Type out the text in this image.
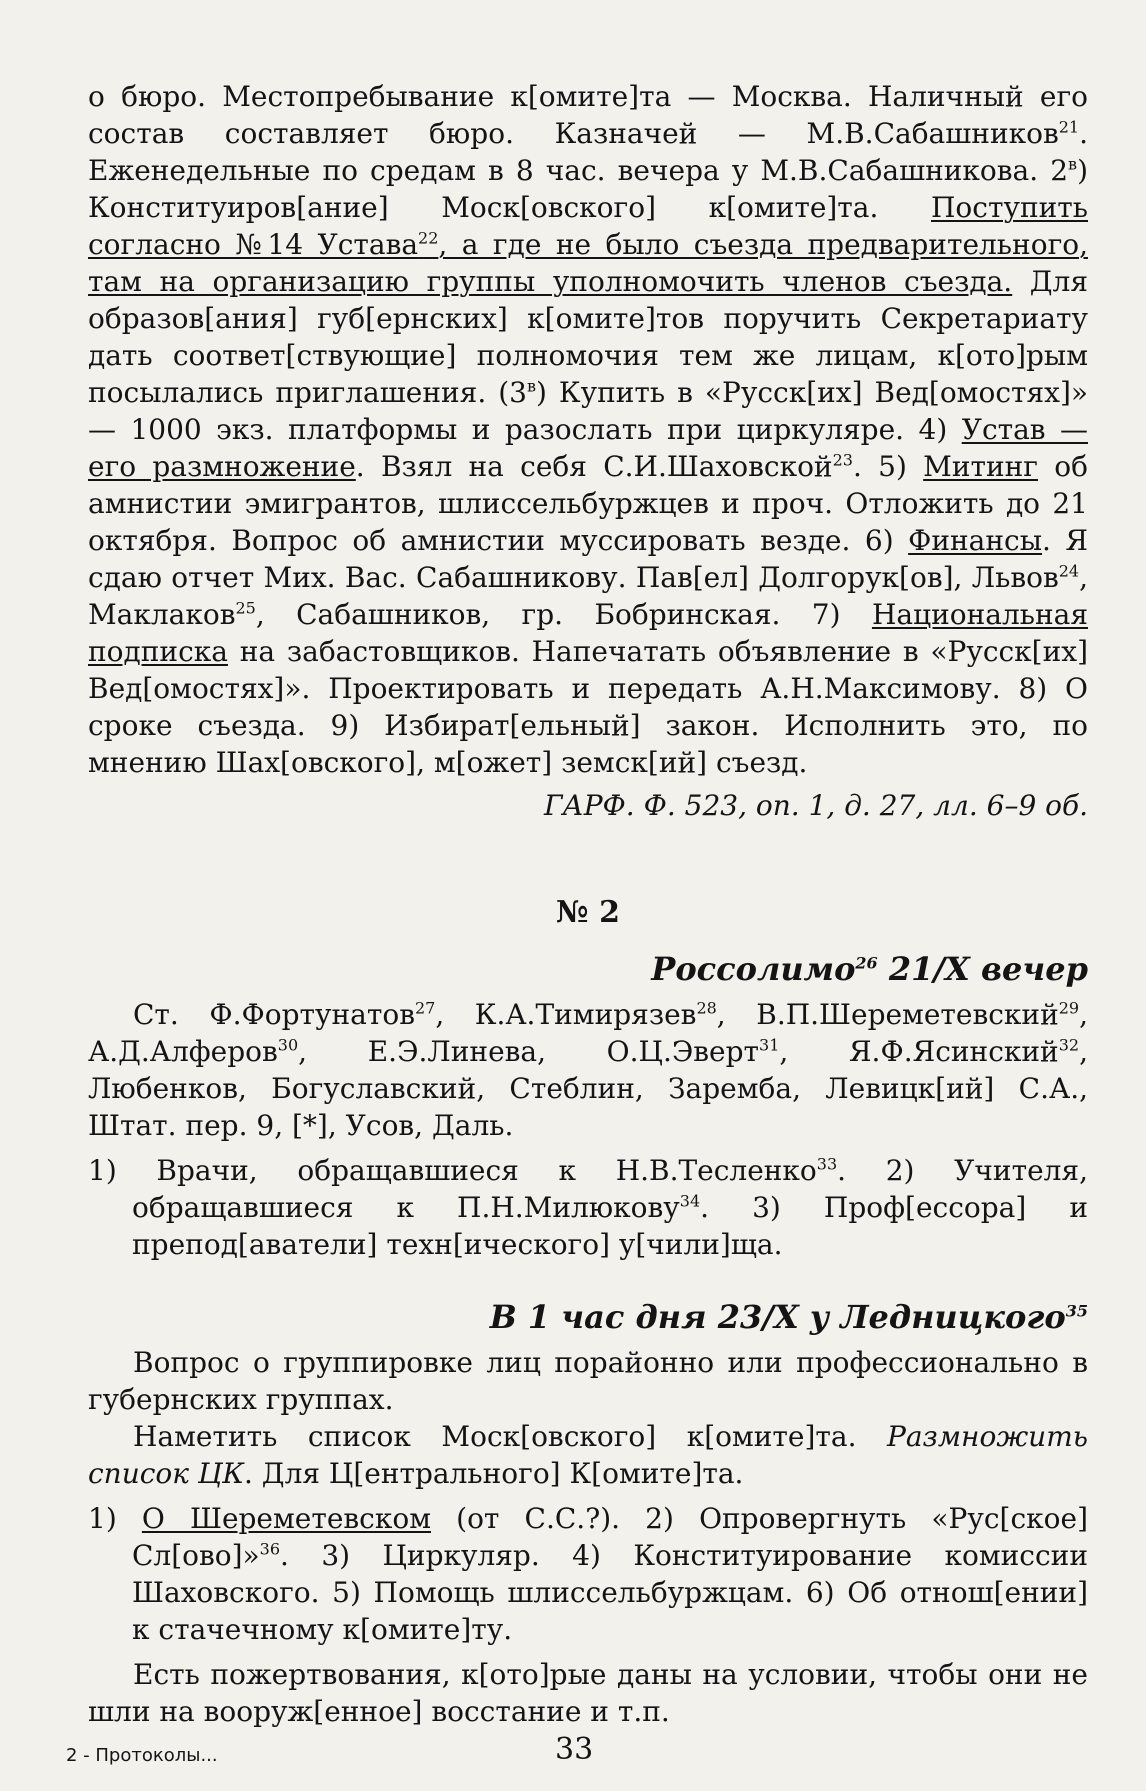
о бюро. Местопребывание к[омите]та — Москва. Наличный его состав составляет бюро. Казначей — М.В.Сабашников$^{21}$. Еженедельные по средам в 8 час. вечера у М.В.Сабашникова. $2^в$) Конституиров[ание] Моск[овского] к[омите]та. Поступить согласно №14 Устава$^{22}$, а где не было съезда предварительного, там на организацию группы уполномочить членов съезда. Для образов[ания] губ[ернских] к[омите]тов поручить Секретариату дать соответ[ствующие] полномочия тем же лицам, к[ото]рым посылались приглашения. $(3^в)$ Купить в «Русск[их] Вед[омостях]» — 1000 экз. платформы и разослать при циркуляре. 4) Устав — его размножение. Взял на себя С.И.Шаховской$^{23}$. 5) Митинг об амнистии эмигрантов, шлиссельбуржцев и проч. Отложить до 21 октября. Вопрос об амнистии муссировать везде. 6) Финансы. Я сдаю отчет Мих. Вас. Сабашникову. Пав[ел] Долгорук[ов], Львов$^{24}$, Маклаков$^{25}$, Сабашников, гр. Бобринская. 7) Национальная подписка на забастовщиков. Напечатать объявление в «Русск[их] Вед[омостях]». Проектировать и передать А.Н.Максимову. 8) О сроке съезда. 9) Избират[ельный] закон. Исполнить это, по мнению Шах[овского], м[ожет] земск[ий] съезд.

ГАРФ. Ф. 523, оп. 1, д. 27, лл. 6–9 об.

№ 2

Россолимо$^{26}$ 21/X вечер

Ст. Ф.Фортунатов$^{27}$, К.А.Тимирязев$^{28}$, В.П.Шереметевский$^{29}$, А.Д.Алферов$^{30}$, Е.Э.Линева, О.Ц.Эверт$^{31}$, Я.Ф.Ясинский$^{32}$, Любенков, Богуславский, Стеблин, Заремба, Левицк[ий] С.А., Штат. пер. 9, [*], Усов, Даль.

1) Врачи, обращавшиеся к Н.В.Тесленко$^{33}$. 2) Учителя, обращавшиеся к П.Н.Милюкову$^{34}$. 3) Проф[ессора] и препод[аватели] техн[ического] у[чили]ща.

В 1 час дня 23/X у Ледницкого$^{35}$

Вопрос о группировке лиц порайонно или профессионально в губернских группах.

Наметить список Моск[овского] к[омите]та. Размножить список ЦК. Для Ц[ентрального] К[омите]та.

1) О Шереметевском (от С.С.?). 2) Опровергнуть «Рус[ское] Сл[ово]»$^{36}$. 3) Циркуляр. 4) Конституирование комиссии Шаховского. 5) Помощь шлиссельбуржцам. 6) Об отнош[ении] к стачечному к[омите]ту.

Есть пожертвования, к[ото]рые даны на условии, чтобы они не шли на вооруж[енное] восстание и т.п.

2 - Протоколы...	33
